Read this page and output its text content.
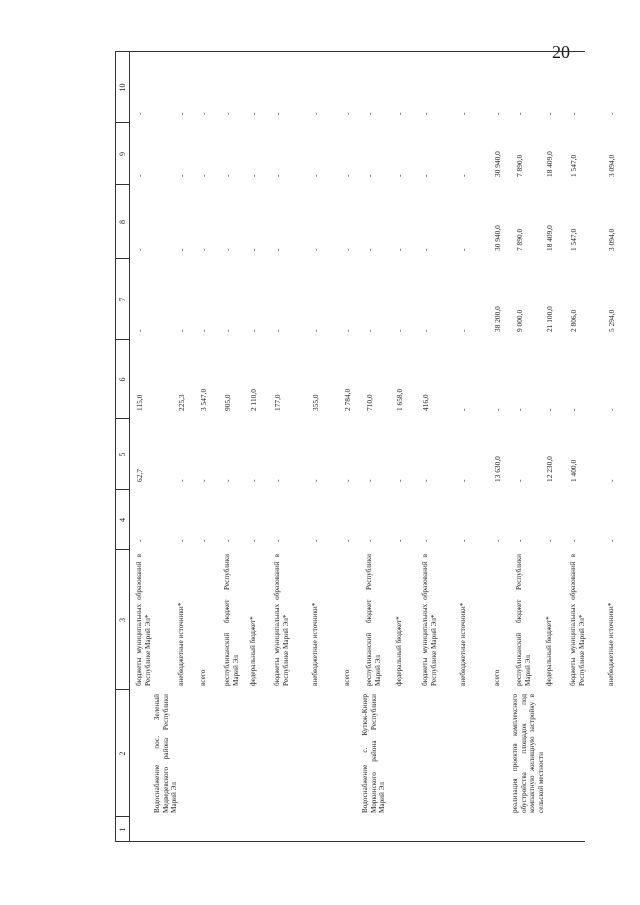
20
1
2
3
4
5
6
7
8
9
10
Водоснабжение пос. Зеленый Медведевского района Республики Марий Эл
бюджеты муниципальных образований в Республике Марий Эл*
-
62,7
115,0
-
-
-
-
внебюджетные источники*
-
-
225,3
-
-
-
-
всего
-
-
3 547,0
-
-
-
-
республиканский бюджет Республики Марий Эл
-
-
905,0
-
-
-
-
федеральный бюджет*
-
-
2 110,0
-
-
-
-
бюджеты муниципальных образований в Республике Марий Эл*
-
-
177,0
-
-
-
-
внебюджетные источники*
-
-
355,0
-
-
-
-
Водоснабжение с. Кутюк-Кинер Моркинского района Республики Марий Эл
всего
-
-
2 784,0
-
-
-
-
республиканский бюджет Республики Марий Эл
-
-
710,0
-
-
-
-
федеральный бюджет*
-
-
1 658,0
-
-
-
-
бюджеты муниципальных образований в Республике Марий Эл*
-
-
416,0
-
-
-
-
внебюджетные источники*
-
-
-
-
-
-
-
реализация проектов комплексного обустройства площадок под компактную жилищную застройку в сельской местности
всего
-
13 630,0
-
38 200,0
30 940,0
30 940,0
-
республиканский бюджет Республики Марий Эл
-
-
-
9 000,0
7 890,0
7 890,0
-
федеральный бюджет*
-
12 230,0
-
21 100,0
18 409,0
18 409,0
-
бюджеты муниципальных образований в Республике Марий Эл*
-
1 400,0
-
2 806,0
1 547,0
1 547,0
-
внебюджетные источники*
-
-
-
5 294,0
3 094,0
3 094,0
-
